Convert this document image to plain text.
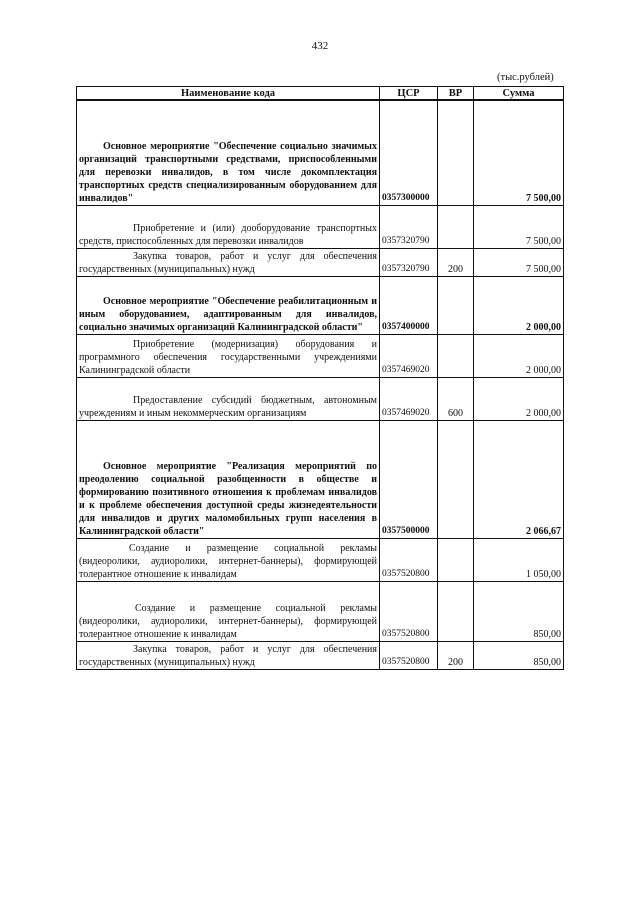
432
(тыс.рублей)
Наименование кода	ЦСР	ВР	Сумма

Основное мероприятие "Обеспечение социально значимых организаций транспортными средствами, приспособленными для перевозки инвалидов, в том числе докомплектация транспортных средств специализированным оборудованием для инвалидов"	0357300000		7 500,00

Приобретение и (или) дооборудование транспортных средств, приспособленных для перевозки инвалидов	0357320790		7 500,00

Закупка товаров, работ и услуг для обеспечения государственных (муниципальных) нужд	0357320790	200	7 500,00

Основное мероприятие "Обеспечение реабилитационным и иным оборудованием, адаптированным для инвалидов, социально значимых организаций Калининградской области"	0357400000		2 000,00

Приобретение (модернизация) оборудования и программного обеспечения государственными учреждениями Калининградской области	0357469020		2 000,00

Предоставление субсидий бюджетным, автономным учреждениям и иным некоммерческим организациям	0357469020	600	2 000,00

Основное мероприятие "Реализация мероприятий по преодолению социальной разобщенности в обществе и формированию позитивного отношения к проблемам инвалидов и к проблеме обеспечения доступной среды жизнедеятельности для инвалидов и других маломобильных групп населения в Калининградской области"	0357500000		2 066,67

Создание и размещение социальной рекламы (видеоролики, аудиоролики, интернет-баннеры), формирующей толерантное отношение к инвалидам	0357520800		1 050,00

Создание и размещение социальной рекламы (видеоролики, аудиоролики, интернет-баннеры), формирующей толерантное отношение к инвалидам	0357520800		850,00

Закупка товаров, работ и услуг для обеспечения государственных (муниципальных) нужд	0357520800	200	850,00
